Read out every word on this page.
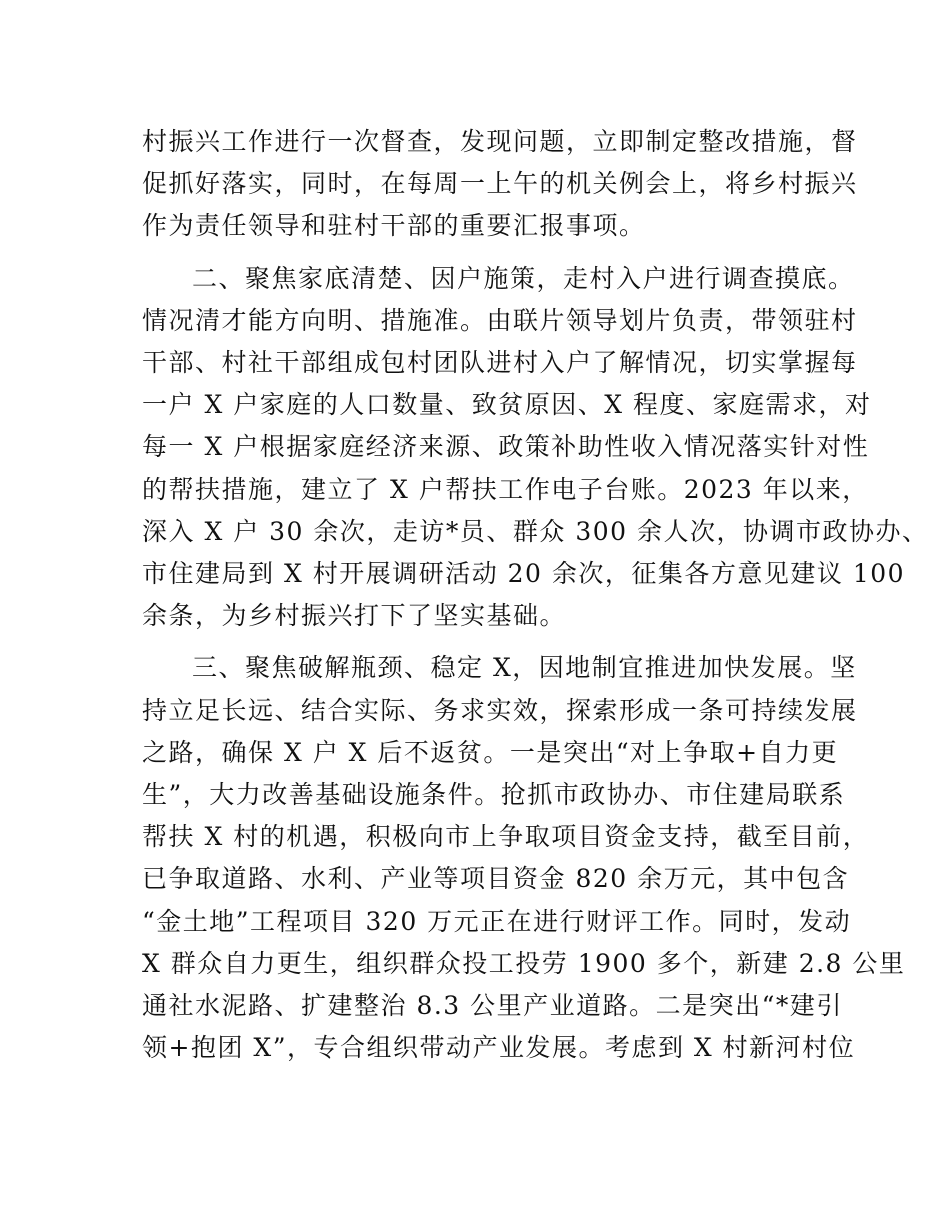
村振兴工作进行一次督查，发现问题，立即制定整改措施，督
促抓好落实，同时，在每周一上午的机关例会上，将乡村振兴
作为责任领导和驻村干部的重要汇报事项。

二、聚焦家底清楚、因户施策，走村入户进行调查摸底。
情况清才能方向明、措施准。由联片领导划片负责，带领驻村
干部、村社干部组成包村团队进村入户了解情况，切实掌握每
一户 X 户家庭的人口数量、致贫原因、X 程度、家庭需求，对
每一 X 户根据家庭经济来源、政策补助性收入情况落实针对性
的帮扶措施，建立了 X 户帮扶工作电子台账。2023 年以来，
深入 X 户 30 余次，走访*员、群众 300 余人次，协调市政协办、
市住建局到 X 村开展调研活动 20 余次，征集各方意见建议 100
余条，为乡村振兴打下了坚实基础。

三、聚焦破解瓶颈、稳定 X，因地制宜推进加快发展。坚
持立足长远、结合实际、务求实效，探索形成一条可持续发展
之路，确保 X 户 X 后不返贫。一是突出“对上争取+自力更
生”，大力改善基础设施条件。抢抓市政协办、市住建局联系
帮扶 X 村的机遇，积极向市上争取项目资金支持，截至目前，
已争取道路、水利、产业等项目资金 820 余万元，其中包含
“金土地”工程项目 320 万元正在进行财评工作。同时，发动
X 群众自力更生，组织群众投工投劳 1900 多个，新建 2.8 公里
通社水泥路、扩建整治 8.3 公里产业道路。二是突出“*建引
领+抱团 X”，专合组织带动产业发展。考虑到 X 村新河村位
